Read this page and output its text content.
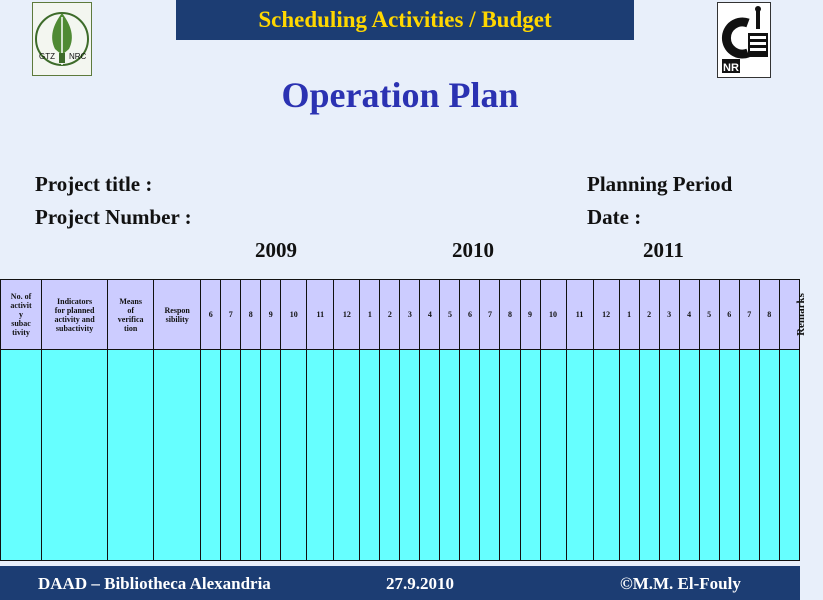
GTZ NRC
Scheduling Activities / Budget
NR
Operation Plan
Project title :
Project Number :
Planning Period
Date :
2009	2010	2011
No. of
activit
y
subac
tivity	Indicators
for planned
activity and
subactivity	Means
of
verifica
tion	Respon
sibility	6	7	8	9	10	11	12	1	2	3	4	5	6	7	8	9	10	11	12	1	2	3	4	5	6	7	8	Remarks

DAAD – Bibliotheca Alexandria	27.9.2010	©M.M. El-Fouly
